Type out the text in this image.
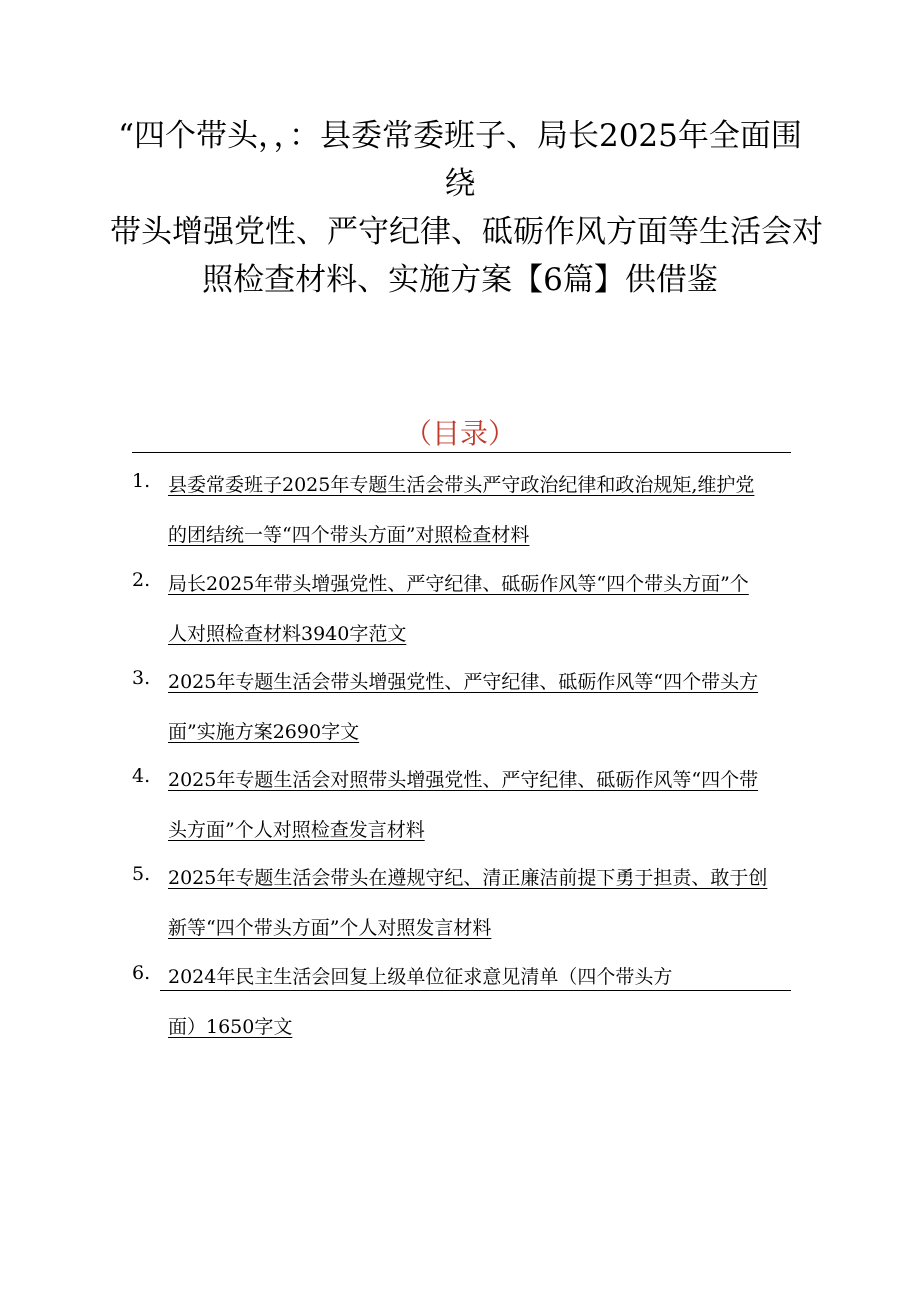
“四个带头，，：县委常委班子、局长2025年全面围
绕
带头增强党性、严守纪律、砥砺作风方面等生活会对
照检查材料、实施方案【6篇】供借鉴
（目录）
1. 县委常委班子2025年专题生活会带头严守政治纪律和政治规矩,维护党
的团结统一等“四个带头方面”对照检查材料
2. 局长2025年带头增强党性、严守纪律、砥砺作风等“四个带头方面”个
人对照检查材料3940字范文
3. 2025年专题生活会带头增强党性、严守纪律、砥砺作风等“四个带头方
面”实施方案2690字文
4. 2025年专题生活会对照带头增强党性、严守纪律、砥砺作风等“四个带
头方面”个人对照检查发言材料
5. 2025年专题生活会带头在遵规守纪、清正廉洁前提下勇于担责、敢于创
新等“四个带头方面”个人对照发言材料
6. 2024年民主生活会回复上级单位征求意见清单（四个带头方
面）1650字文
